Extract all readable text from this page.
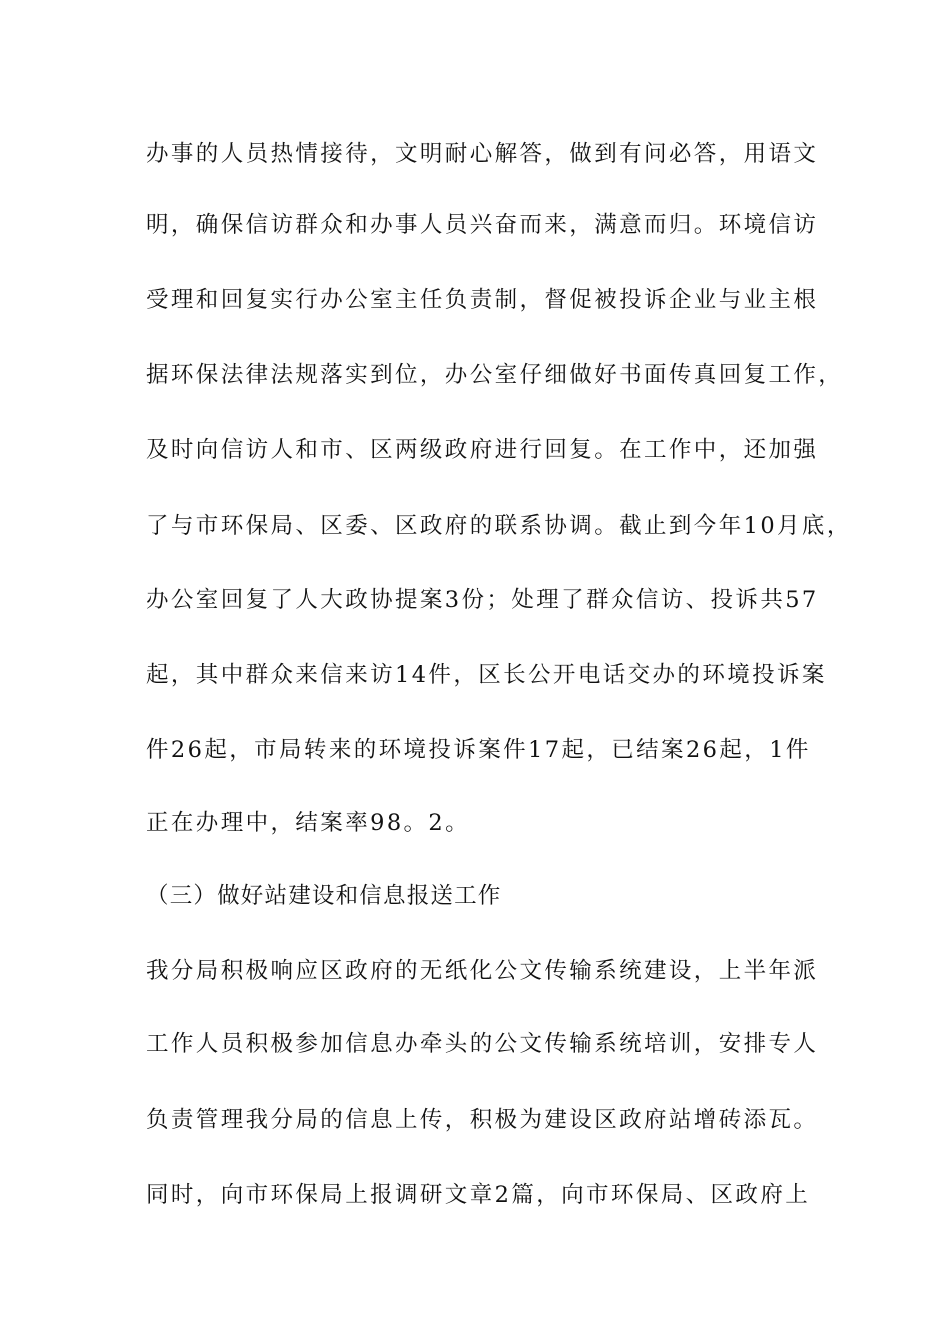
办事的人员热情接待，文明耐心解答，做到有问必答，用语文
明，确保信访群众和办事人员兴奋而来，满意而归。环境信访
受理和回复实行办公室主任负责制，督促被投诉企业与业主根
据环保法律法规落实到位，办公室仔细做好书面传真回复工作，
及时向信访人和市、区两级政府进行回复。在工作中，还加强
了与市环保局、区委、区政府的联系协调。截止到今年10月底，
办公室回复了人大政协提案3份；处理了群众信访、投诉共57
起，其中群众来信来访14件，区长公开电话交办的环境投诉案
件26起，市局转来的环境投诉案件17起，已结案26起，1件
正在办理中，结案率98。2。
（三）做好站建设和信息报送工作
我分局积极响应区政府的无纸化公文传输系统建设，上半年派
工作人员积极参加信息办牵头的公文传输系统培训，安排专人
负责管理我分局的信息上传，积极为建设区政府站增砖添瓦。
同时，向市环保局上报调研文章2篇，向市环保局、区政府上
